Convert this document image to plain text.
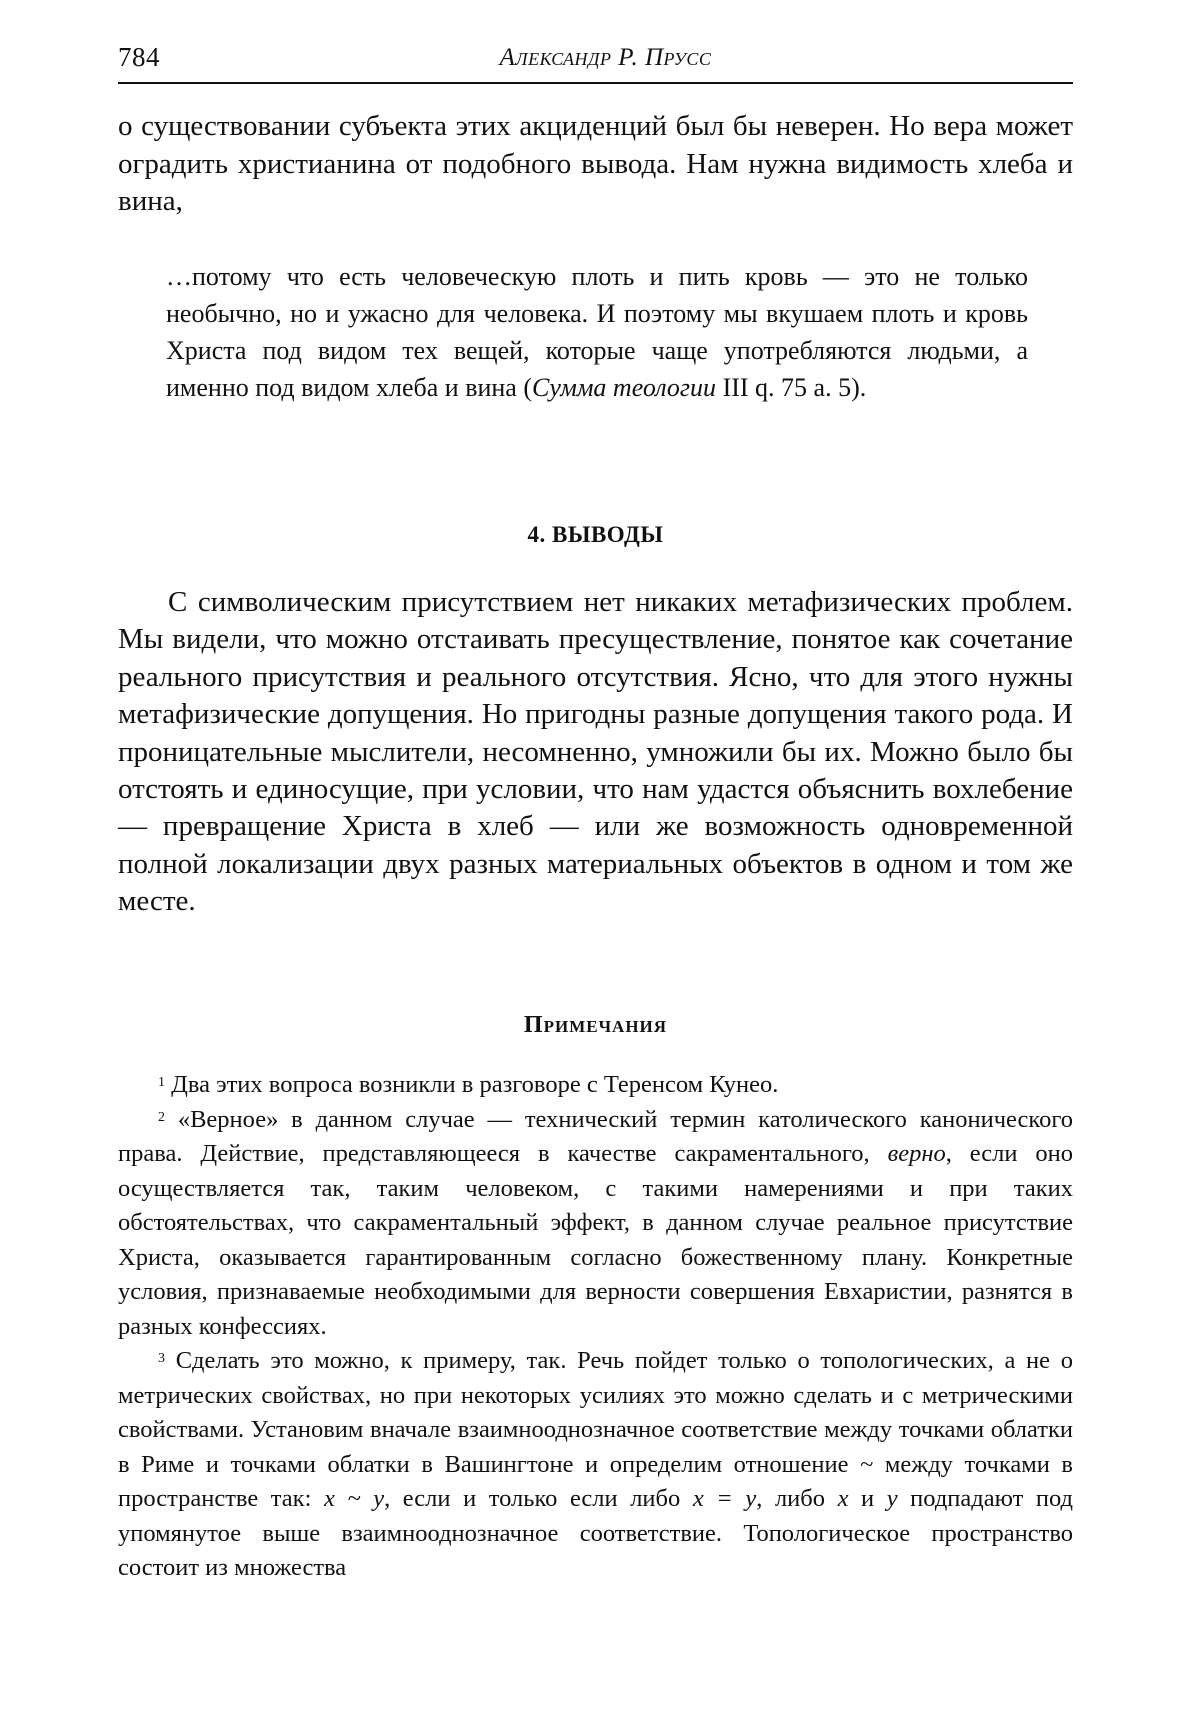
784	Александр Р. Прусс

о существовании субъекта этих акциденций был бы неверен. Но вера может оградить христианина от подобного вывода. Нам нужна видимость хлеба и вина,

…потому что есть человеческую плоть и пить кровь — это не только необычно, но и ужасно для человека. И поэтому мы вкушаем плоть и кровь Христа под видом тех вещей, которые чаще употребляются людьми, а именно под видом хлеба и вина (Сумма теологии III q. 75 a. 5).

4. ВЫВОДЫ

С символическим присутствием нет никаких метафизических проблем. Мы видели, что можно отстаивать пресуществление, понятое как сочетание реального присутствия и реального отсутствия. Ясно, что для этого нужны метафизические допущения. Но пригодны разные допущения такого рода. И проницательные мыслители, несомненно, умножили бы их. Можно было бы отстоять и единосущие, при условии, что нам удастся объяснить вохлебение — превращение Христа в хлеб — или же возможность одновременной полной локализации двух разных материальных объектов в одном и том же месте.

Примечания

$^1$ Два этих вопроса возникли в разговоре с Теренсом Кунео.

$^2$ «Верное» в данном случае — технический термин католического канонического права. Действие, представляющееся в качестве сакраментального, верно, если оно осуществляется так, таким человеком, с такими намерениями и при таких обстоятельствах, что сакраментальный эффект, в данном случае реальное присутствие Христа, оказывается гарантированным согласно божественному плану. Конкретные условия, признаваемые необходимыми для верности совершения Евхаристии, разнятся в разных конфессиях.

$^3$ Сделать это можно, к примеру, так. Речь пойдет только о топологических, а не о метрических свойствах, но при некоторых усилиях это можно сделать и с метрическими свойствами. Установим вначале взаимнооднозначное соответствие между точками облатки в Риме и точками облатки в Вашингтоне и определим отношение ~ между точками в пространстве так: x ~ y, если и только если либо x = y, либо x и y подпадают под упомянутое выше взаимнооднозначное соответствие. Топологическое пространство состоит из множества
